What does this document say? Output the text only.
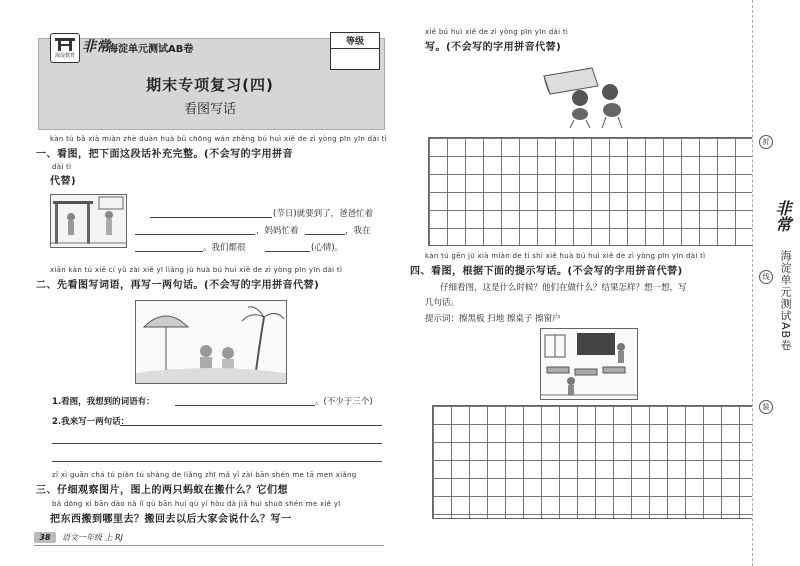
海淀教育
非常
海淀单元测试AB卷
等级
期末专项复习(四)
看图写话
kàn tú bǎ xià miàn zhè duàn huà bǔ chōng wán zhěng bú huì xiě de zì yòng pīn yīn dài tì
一、看图，把下面这段话补充完整。(不会写的字用拼音
dài tì
代替)
(节日)就要到了，爸爸忙着
，妈妈忙着	，我在
。我们都很	(心情)。
xiān kàn tú xiě cí yǔ zài xiě yī liǎng jù huà bú huì xiě de zì yòng pīn yīn dài tì
二、先看图写词语，再写一两句话。(不会写的字用拼音代替)
1.看图，我想到的词语有：	。(不少于三个)
2.我来写一两句话：
zǐ xì guān chá tú piàn tú shàng de liǎng zhī mǎ yǐ zài bān shén me tā men xiǎng
三、仔细观察图片，图上的两只蚂蚁在搬什么？它们想
bǎ dōng xi bān dào nǎ lǐ qù bān huí qù yǐ hòu dà jiā huì shuō shén me xiě yī
把东西搬到哪里去？搬回去以后大家会说什么？写一
38	语文一年级 上 RJ
xiě bú huì xiě de zì yòng pīn yīn dài tì
写。(不会写的字用拼音代替)
kàn tú gēn jù xià miàn de tí shì xiě huà bú huì xiě de zì yòng pīn yīn dài tì
四、看图，根据下面的提示写话。(不会写的字用拼音代替)
仔细看图，这是什么时候？他们在做什么？结果怎样？想一想，写
几句话。
提示词：擦黑板 扫地 擦桌子 擦窗户
折
线
装
非常
海淀单元测试AB卷
